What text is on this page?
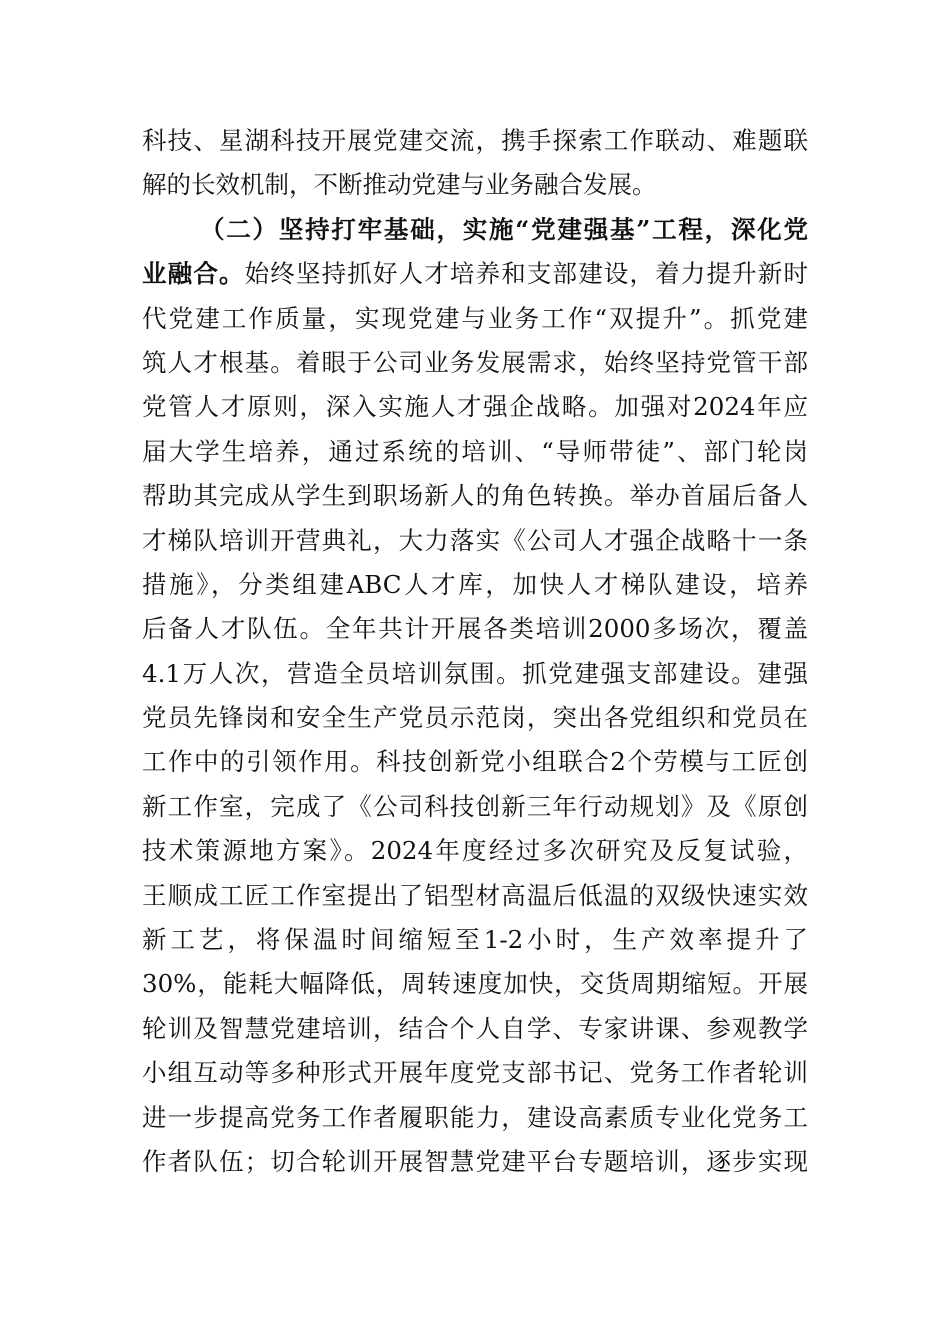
科技、星湖科技开展党建交流，携手探索工作联动、难题联
解的长效机制，不断推动党建与业务融合发展。
（二）坚持打牢基础，实施“党建强基”工程，深化党
业融合。始终坚持抓好人才培养和支部建设，着力提升新时
代党建工作质量，实现党建与业务工作“双提升”。抓党建
筑人才根基。着眼于公司业务发展需求，始终坚持党管干部
党管人才原则，深入实施人才强企战略。加强对2024年应
届大学生培养，通过系统的培训、“导师带徒”、部门轮岗
帮助其完成从学生到职场新人的角色转换。举办首届后备人
才梯队培训开营典礼，大力落实《公司人才强企战略十一条
措施》，分类组建ABC人才库，加快人才梯队建设，培养
后备人才队伍。全年共计开展各类培训2000多场次，覆盖
4.1万人次，营造全员培训氛围。抓党建强支部建设。建强
党员先锋岗和安全生产党员示范岗，突出各党组织和党员在
工作中的引领作用。科技创新党小组联合2个劳模与工匠创
新工作室，完成了《公司科技创新三年行动规划》及《原创
技术策源地方案》。2024年度经过多次研究及反复试验，
王顺成工匠工作室提出了铝型材高温后低温的双级快速实效
新工艺，将保温时间缩短至1-2小时，生产效率提升了
30%，能耗大幅降低，周转速度加快，交货周期缩短。开展
轮训及智慧党建培训，结合个人自学、专家讲课、参观教学
小组互动等多种形式开展年度党支部书记、党务工作者轮训
进一步提高党务工作者履职能力，建设高素质专业化党务工
作者队伍；切合轮训开展智慧党建平台专题培训，逐步实现
